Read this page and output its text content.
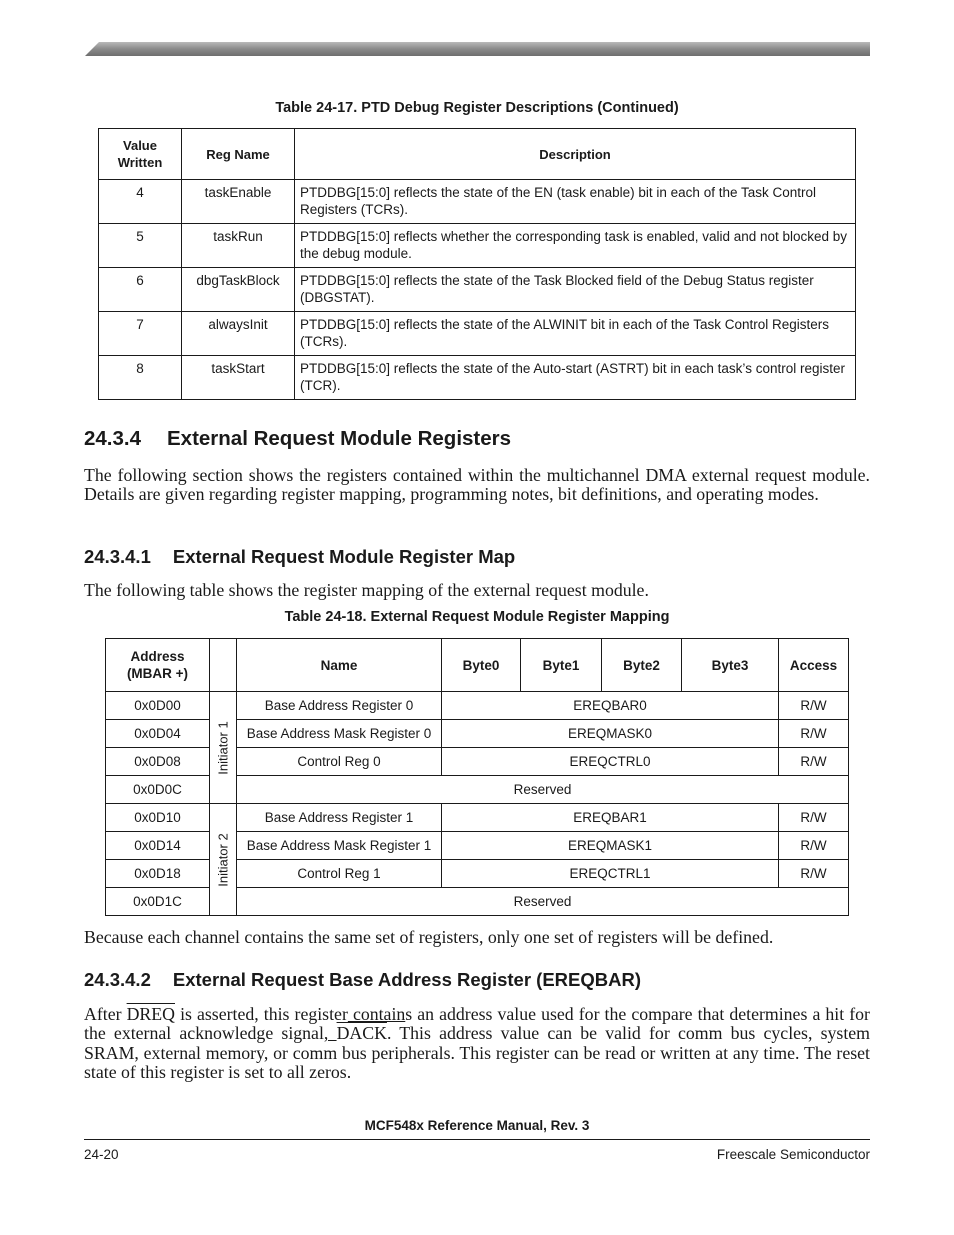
Table 24-17. PTD Debug Register Descriptions (Continued)
Value
Written	Reg Name	Description
4	taskEnable	PTDDBG[15:0] reflects the state of the EN (task enable) bit in each of the Task Control Registers (TCRs).
5	taskRun	PTDDBG[15:0] reflects whether the corresponding task is enabled, valid and not blocked by the debug module.
6	dbgTaskBlock	PTDDBG[15:0] reflects the state of the Task Blocked field of the Debug Status register (DBGSTAT).
7	alwaysInit	PTDDBG[15:0] reflects the state of the ALWINIT bit in each of the Task Control Registers (TCRs).
8	taskStart	PTDDBG[15:0] reflects the state of the Auto-start (ASTRT) bit in each task’s control register (TCR).
24.3.4 External Request Module Registers

The following section shows the registers contained within the multichannel DMA external request module. Details are given regarding register mapping, programming notes, bit definitions, and operating modes.

24.3.4.1 External Request Module Register Map

The following table shows the register mapping of the external request module.

Table 24-18. External Request Module Register Mapping
Address
(MBAR +)		Name	Byte0	Byte1	Byte2	Byte3	Access
0x0D00	Initiator 1	Base Address Register 0	EREQBAR0				R/W
0x0D04		Base Address Mask Register 0	EREQMASK0				R/W
0x0D08		Control Reg 0	EREQCTRL0				R/W
0x0D0C		Reserved					
0x0D10	Initiator 2	Base Address Register 1	EREQBAR1				R/W
0x0D14		Base Address Mask Register 1	EREQMASK1				R/W
0x0D18		Control Reg 1	EREQCTRL1				R/W
0x0D1C		Reserved					

Because each channel contains the same set of registers, only one set of registers will be defined.

24.3.4.2 External Request Base Address Register (EREQBAR)

After DREQ is asserted, this register contains an address value used for the compare that determines a hit for the external acknowledge signal, DACK. This address value can be valid for comm bus cycles, system SRAM, external memory, or comm bus peripherals. This register can be read or written at any time. The reset state of this register is set to all zeros.

MCF548x Reference Manual, Rev. 3
24-20	Freescale Semiconductor
